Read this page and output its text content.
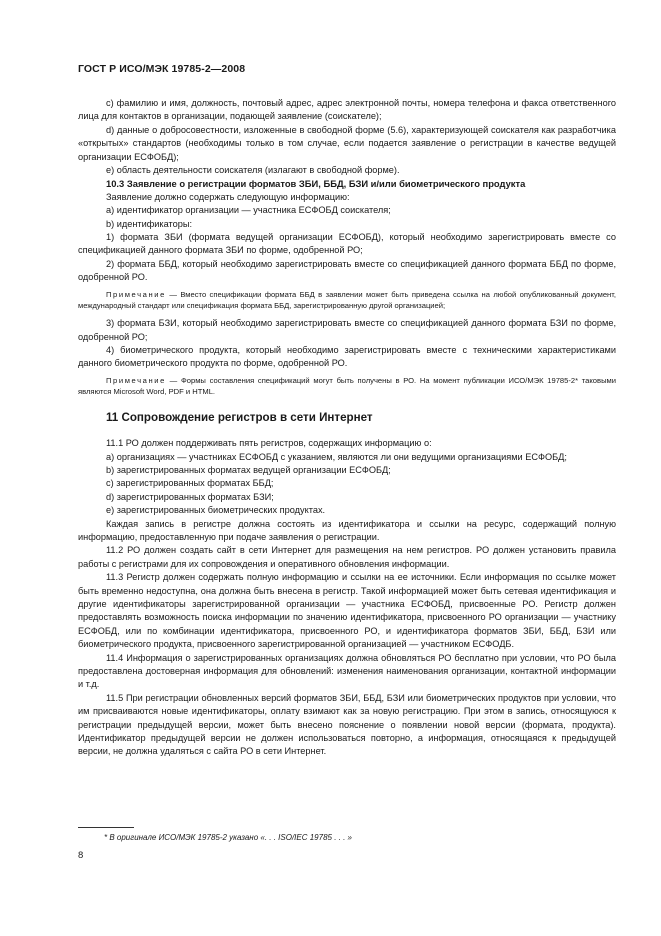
ГОСТ Р ИСО/МЭК 19785-2—2008

c) фамилию и имя, должность, почтовый адрес, адрес электронной почты, номера телефона и факса ответственного лица для контактов в организации, подающей заявление (соискателе);

d) данные о добросовестности, изложенные в свободной форме (5.6), характеризующей соискателя как разработчика «открытых» стандартов (необходимы только в том случае, если подается заявление о регистрации в качестве ведущей организации ЕСФОБД);

e) область деятельности соискателя (излагают в свободной форме).

10.3 Заявление о регистрации форматов ЗБИ, ББД, БЗИ и/или биометрического продукта

Заявление должно содержать следующую информацию:

a) идентификатор организации — участника ЕСФОБД соискателя;

b) идентификаторы:

1) формата ЗБИ (формата ведущей организации ЕСФОБД), который необходимо зарегистрировать вместе со спецификацией данного формата ЗБИ по форме, одобренной РО;

2) формата ББД, который необходимо зарегистрировать вместе со спецификацией данного формата ББД по форме, одобренной РО.

Примечание — Вместо спецификации формата ББД в заявлении может быть приведена ссылка на любой опубликованный документ, международный стандарт или спецификация формата ББД, зарегистрированную другой организацией;

3) формата БЗИ, который необходимо зарегистрировать вместе со спецификацией данного формата БЗИ по форме, одобренной РО;

4) биометрического продукта, который необходимо зарегистрировать вместе с техническими характеристиками данного биометрического продукта по форме, одобренной РО.

Примечание — Формы составления спецификаций могут быть получены в РО. На момент публикации ИСО/МЭК 19785-2* таковыми являются Microsoft Word, PDF и HTML.

11 Сопровождение регистров в сети Интернет

11.1 РО должен поддерживать пять регистров, содержащих информацию о:

a) организациях — участниках ЕСФОБД с указанием, являются ли они ведущими организациями ЕСФОБД;

b) зарегистрированных форматах ведущей организации ЕСФОБД;

c) зарегистрированных форматах ББД;

d) зарегистрированных форматах БЗИ;

e) зарегистрированных биометрических продуктах.

Каждая запись в регистре должна состоять из идентификатора и ссылки на ресурс, содержащий полную информацию, предоставленную при подаче заявления о регистрации.

11.2 РО должен создать сайт в сети Интернет для размещения на нем регистров. РО должен установить правила работы с регистрами для их сопровождения и оперативного обновления информации.

11.3 Регистр должен содержать полную информацию и ссылки на ее источники. Если информация по ссылке может быть временно недоступна, она должна быть внесена в регистр. Такой информацией может быть сетевая идентификация и другие идентификаторы зарегистрированной организации — участника ЕСФОБД, присвоенные РО. Регистр должен предоставлять возможность поиска информации по значению идентификатора, присвоенного РО организации — участнику ЕСФОБД, или по комбинации идентификатора, присвоенного РО, и идентификатора форматов ЗБИ, ББД, БЗИ или биометрического продукта, присвоенного зарегистрированной организацией — участником ЕСФОДБ.

11.4 Информация о зарегистрированных организациях должна обновляться РО бесплатно при условии, что РО была предоставлена достоверная информация для обновлений: изменения наименования организации, контактной информации и т.д.

11.5 При регистрации обновленных версий форматов ЗБИ, ББД, БЗИ или биометрических продуктов при условии, что им присваиваются новые идентификаторы, оплату взимают как за новую регистрацию. При этом в запись, относящуюся к регистрации предыдущей версии, может быть внесено пояснение о появлении новой версии (формата, продукта). Идентификатор предыдущей версии не должен использоваться повторно, а информация, относящаяся к предыдущей версии, не должна удаляться с сайта РО в сети Интернет.

* В оригинале ИСО/МЭК 19785-2 указано «. . . ISO/IEC 19785 . . . »
8
